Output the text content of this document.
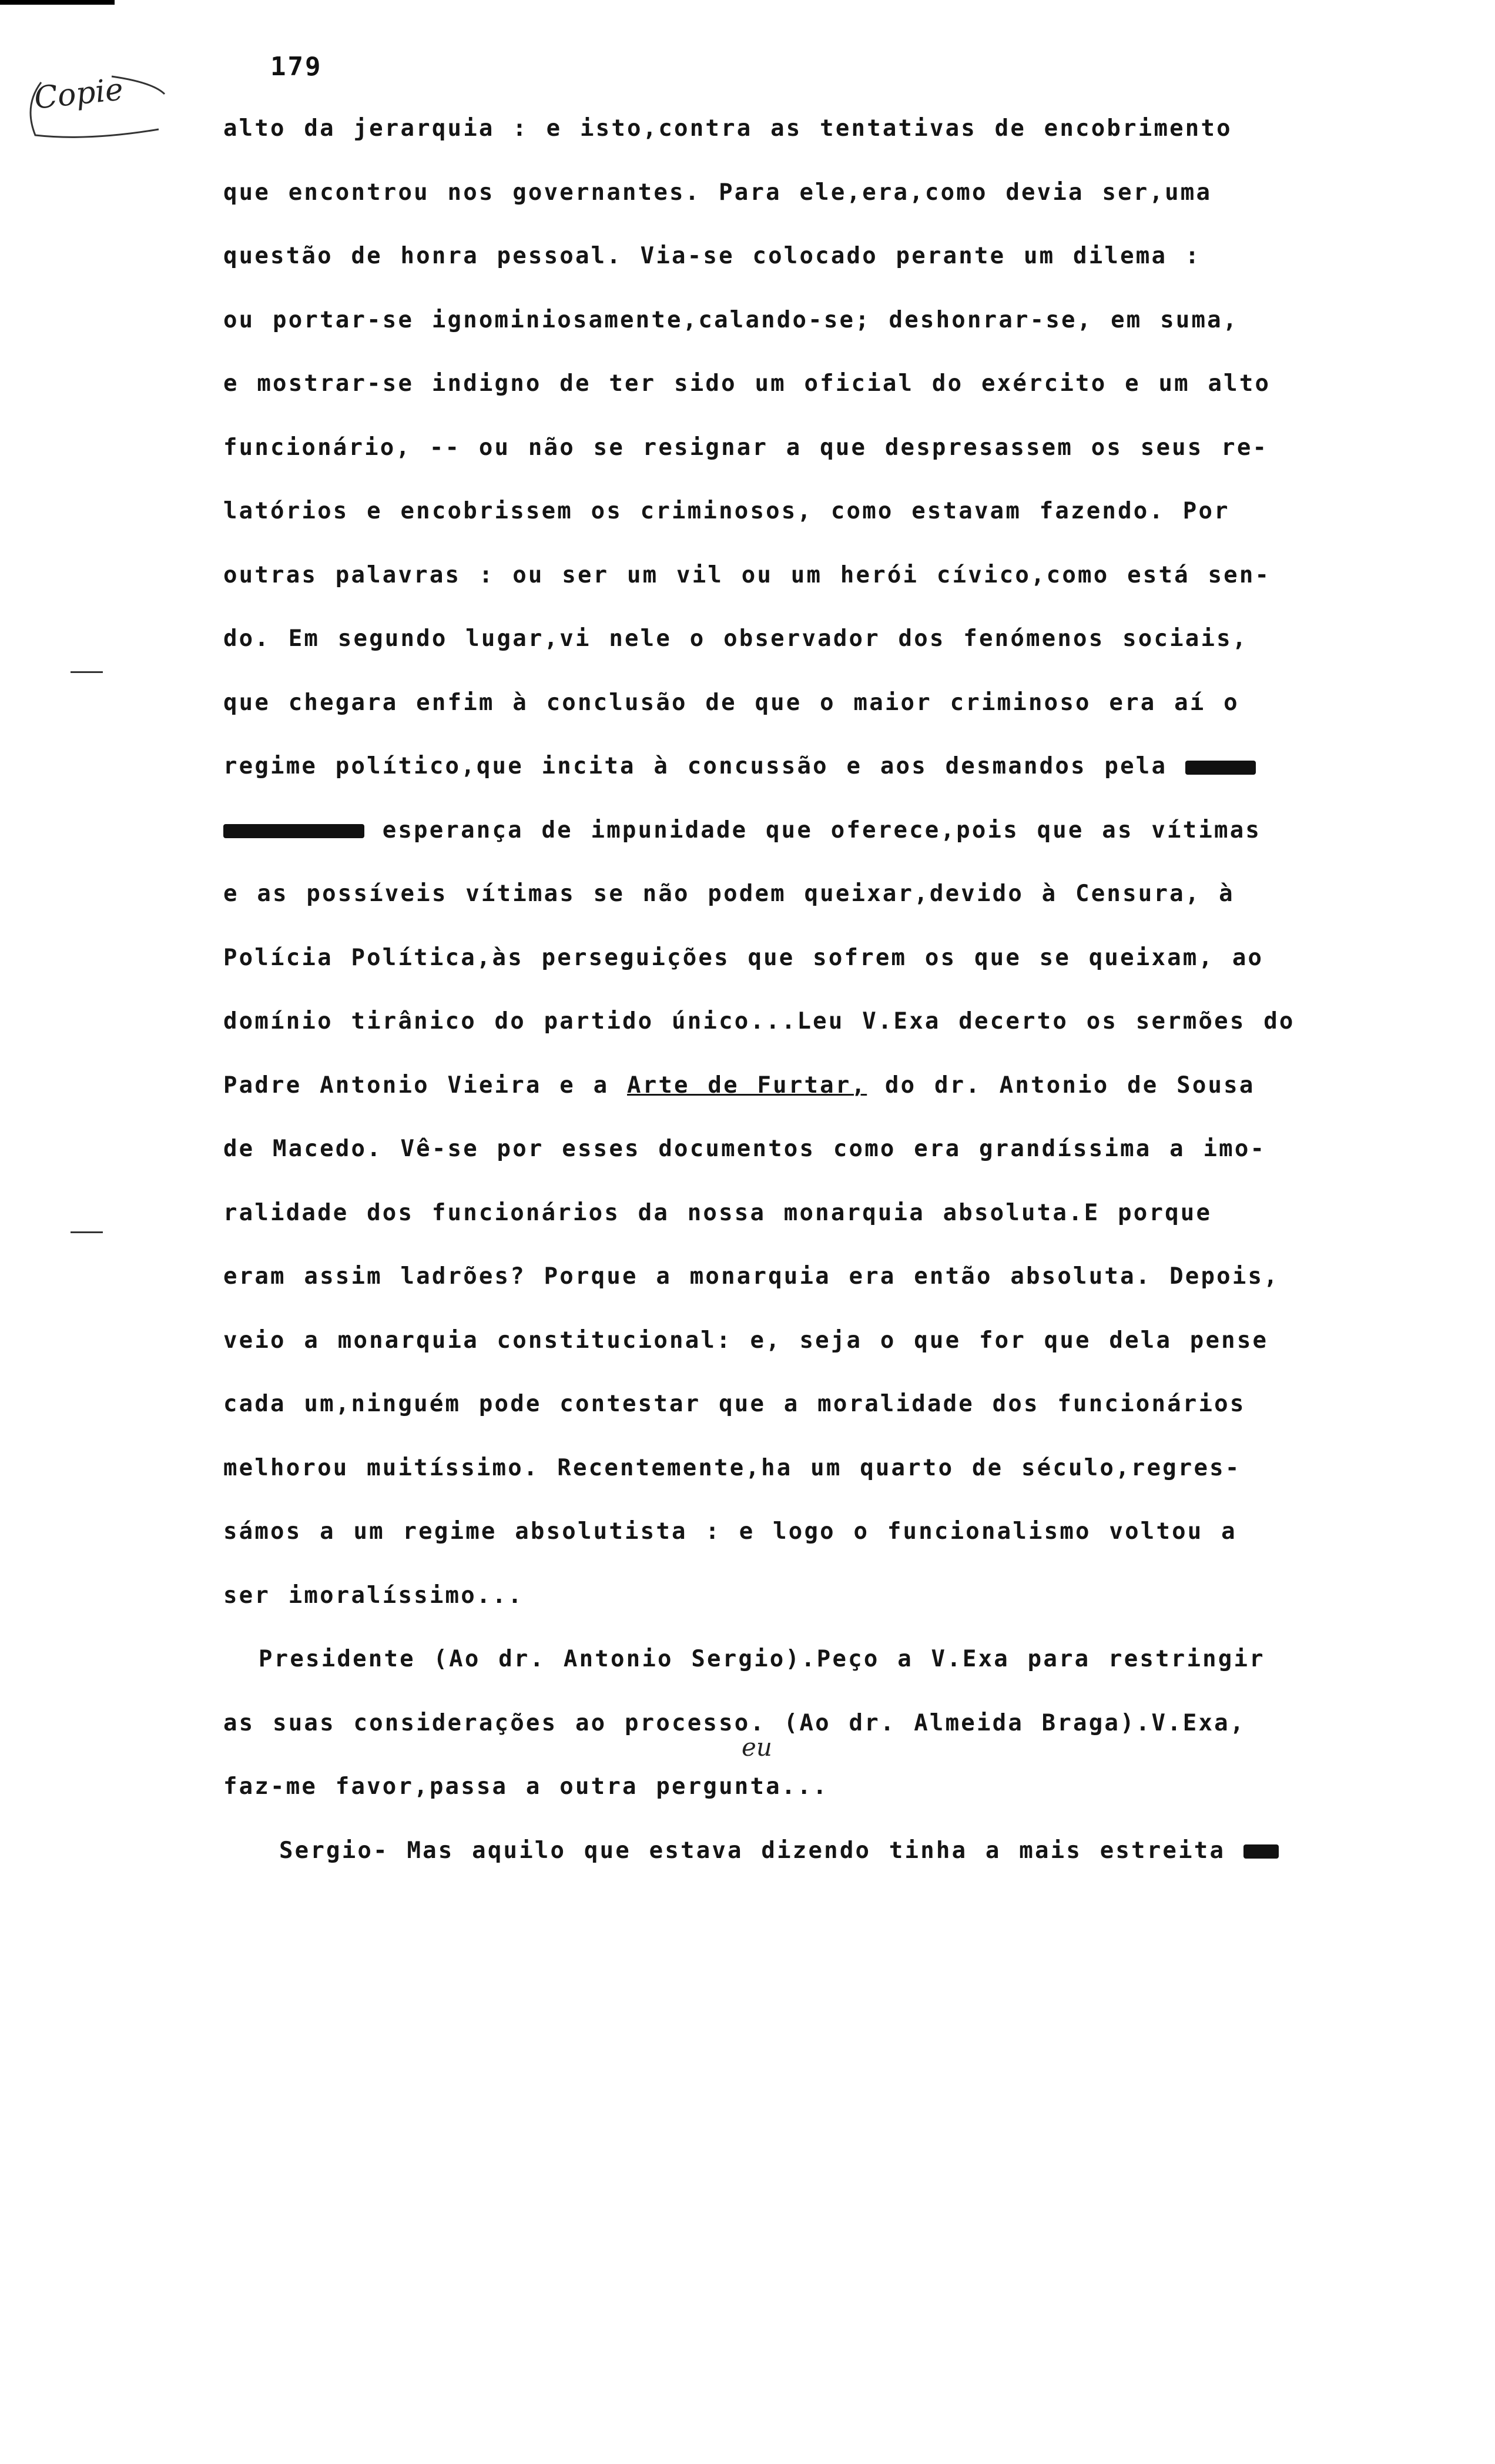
179
Copie
eu
alto da jerarquia : e isto,contra as tentativas de encobrimento
que encontrou nos governantes. Para ele,era,como devia ser,uma
questão de honra pessoal. Via-se colocado perante um dilema :
ou portar-se ignominiosamente,calando-se; deshonrar-se, em suma,
e mostrar-se indigno de ter sido um oficial do exército e um alto
funcionário, -- ou não se resignar a que despresassem os seus re-
latórios e encobrissem os criminosos, como estavam fazendo. Por
outras palavras : ou ser um vil ou um herói cívico,como está sen-
do. Em segundo lugar,vi nele o observador dos fenómenos sociais,
que chegara enfim à conclusão de que o maior criminoso era aí o
regime político,que incita à concussão e aos desmandos pela
esperança de impunidade que oferece,pois que as vítimas
e as possíveis vítimas se não podem queixar,devido à Censura, à
Polícia Política,às perseguições que sofrem os que se queixam, ao
domínio tirânico do partido único...Leu V.Exa decerto os sermões do
Padre Antonio Vieira e a Arte de Furtar, do dr. Antonio de Sousa
de Macedo. Vê-se por esses documentos como era grandíssima a imo-
ralidade dos funcionários da nossa monarquia absoluta.E porque
eram assim ladrões? Porque a monarquia era então absoluta. Depois,
veio a monarquia constitucional: e, seja o que for que dela pense
cada um,ninguém pode contestar que a moralidade dos funcionários
melhorou muitíssimo. Recentemente,ha um quarto de século,regres-
sámos a um regime absolutista : e logo o funcionalismo voltou a
ser imoralíssimo...
Presidente (Ao dr. Antonio Sergio).Peço a V.Exa para restringir
as suas considerações ao processo. (Ao dr. Almeida Braga).V.Exa,
faz-me favor,passa a outra pergunta...
Sergio- Mas aquilo que estava dizendo tinha a mais estreita
